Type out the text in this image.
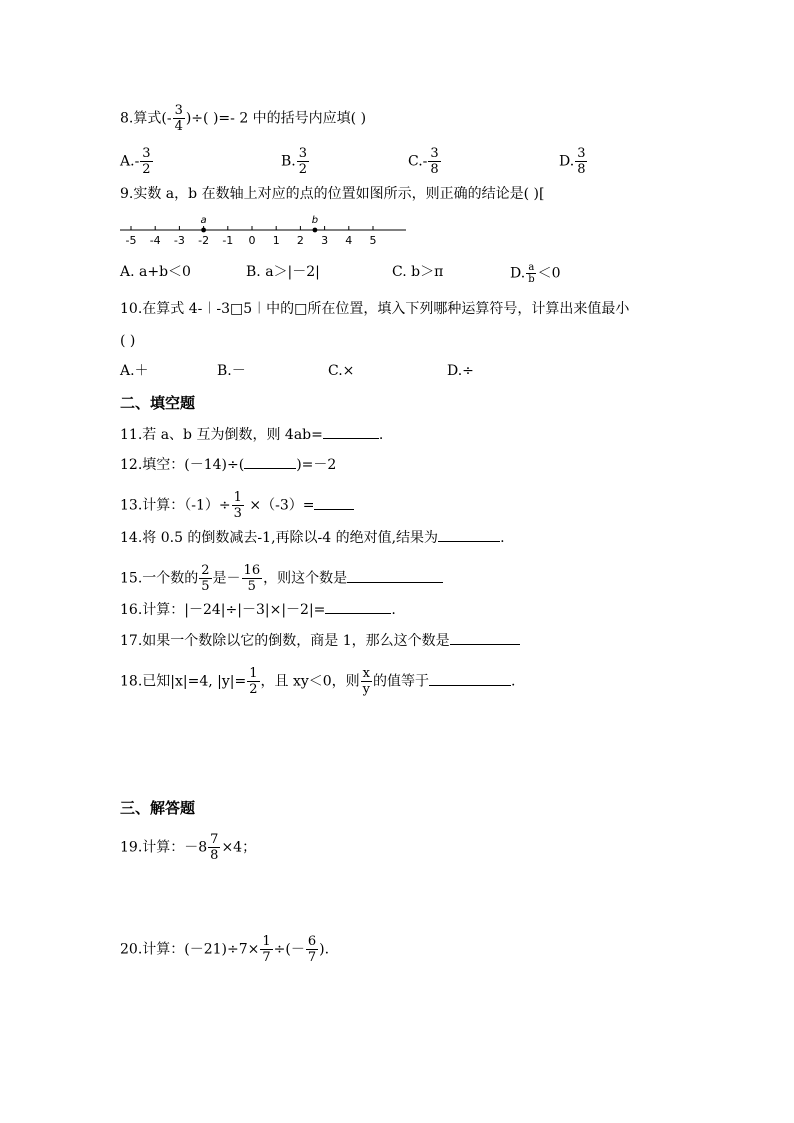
8.算式(- $\frac{3}{4}$ )÷( )=- 2 中的括号内应填( )
$A.- \frac{3}{2}$	B. $\frac{3}{2}$	$C.- \frac{3}{8}$	D. $\frac{3}{8}$
9.实数 a，b 在数轴上对应的点的位置如图所示，则正确的结论是( )[
-5 -4 -3 -2 -1 0 1 2 3 4 5
a	b
A. a+b＜0	B. a＞|－2|	C. b＞π	D. $\frac{a}{b} <0$
10.在算式 4-︱-3□5︱中的□所在位置，填入下列哪种运算符号，计算出来值最小
( )
A.＋	B.－	C.×	D.÷
二、填空题
11.若 a、b 互为倒数，则 4ab=	.
12.填空：(－14)÷(	)=－2
13.计算：$(-1)\div \frac{1}{3} \times(-3)=$
14.将 0.5 的倒数减去-1,再除以-4 的绝对值,结果为	.
15.一个数的 $\frac{2}{5}$ 是－ $\frac{16}{5}$ ，则这个数是
16.计算：|－24|÷|－3|×|－2|=	.
17.如果一个数除以它的倒数，商是 1，那么这个数是
18.已知|x|=4, $|y|= \frac{1}{2}$ ，且 xy＜0，则 $\frac{x}{y}$ 的值等于	.
三、解答题
19.计算：$-8 \frac{7}{8} \times 4$；
20.计算：$(-21)\div 7\times \frac{1}{7}$ ÷(－ $\frac{6}{7}$ ).
